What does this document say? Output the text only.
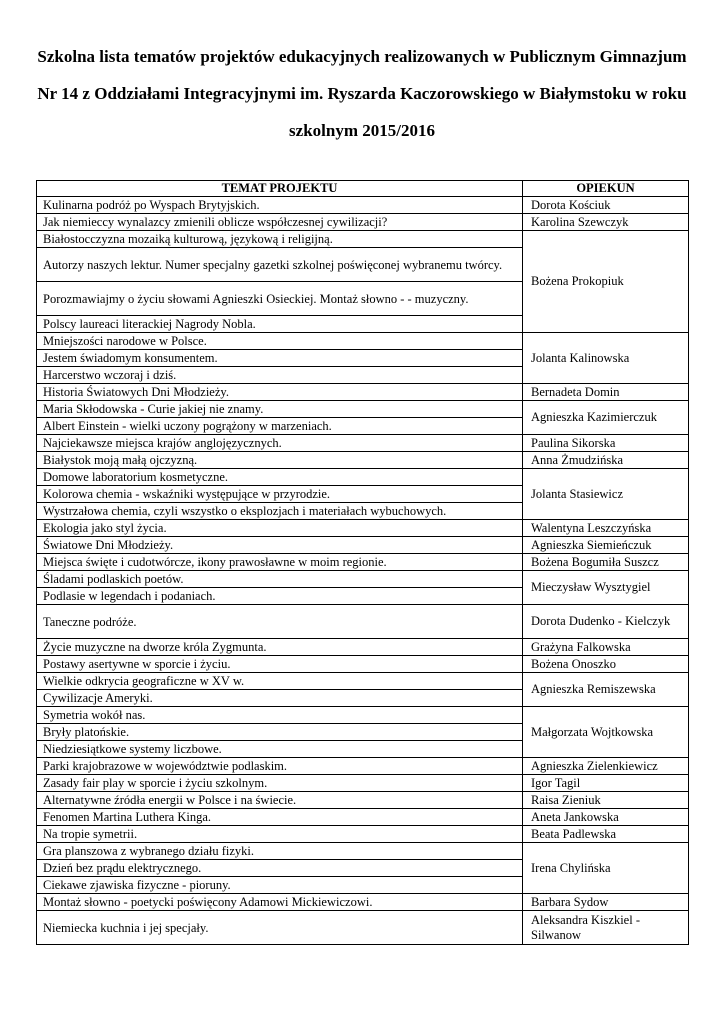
Szkolna lista tematów projektów edukacyjnych realizowanych w Publicznym Gimnazjum Nr 14 z Oddziałami Integracyjnymi im. Ryszarda Kaczorowskiego w Białymstoku w roku szkolnym 2015/2016
TEMAT PROJEKTU	OPIEKUN
Kulinarna podróż po Wyspach Brytyjskich.	Dorota Kościuk
Jak niemieccy wynalazcy zmienili oblicze współczesnej cywilizacji?	Karolina Szewczyk
Białostocczyzna mozaiką kulturową, językową i religijną.	Bożena Prokopiuk
Autorzy naszych lektur. Numer specjalny gazetki szkolnej poświęconej wybranemu twórcy.	
Porozmawiajmy o życiu słowami Agnieszki Osieckiej. Montaż słowno - - muzyczny.	
Polscy laureaci literackiej Nagrody Nobla.	
Mniejszości narodowe w Polsce.	Jolanta Kalinowska
Jestem świadomym konsumentem.	
Harcerstwo wczoraj i dziś.	
Historia Światowych Dni Młodzieży.	Bernadeta Domin
Maria Skłodowska - Curie jakiej nie znamy.	Agnieszka Kazimierczuk
Albert Einstein - wielki uczony pogrążony w marzeniach.	
Najciekawsze miejsca krajów anglojęzycznych.	Paulina Sikorska
Białystok moją małą ojczyzną.	Anna Żmudzińska
Domowe laboratorium kosmetyczne.	Jolanta Stasiewicz
Kolorowa chemia - wskaźniki występujące w przyrodzie.	
Wystrzałowa chemia, czyli wszystko o eksplozjach i materiałach wybuchowych.	
Ekologia jako styl życia.	Walentyna Leszczyńska
Światowe Dni Młodzieży.	Agnieszka Siemieńczuk
Miejsca święte i cudotwórcze, ikony prawosławne w moim regionie.	Bożena Bogumiła Suszcz
Śladami podlaskich poetów.	Mieczysław Wysztygiel
Podlasie w legendach i podaniach.	
Taneczne podróże.	Dorota Dudenko - Kielczyk
Życie muzyczne na dworze króla Zygmunta.	Grażyna Falkowska
Postawy asertywne w sporcie i życiu.	Bożena Onoszko
Wielkie odkrycia geograficzne w XV w.	Agnieszka Remiszewska
Cywilizacje Ameryki.	
Symetria wokół nas.	Małgorzata Wojtkowska
Bryły platońskie.	
Niedziesiątkowe systemy liczbowe.	
Parki krajobrazowe w województwie podlaskim.	Agnieszka Zielenkiewicz
Zasady fair play w sporcie i życiu szkolnym.	Igor Tagil
Alternatywne źródła energii w Polsce i na świecie.	Raisa Zieniuk
Fenomen Martina Luthera Kinga.	Aneta Jankowska
Na tropie symetrii.	Beata Padlewska
Gra planszowa z wybranego działu fizyki.	Irena Chylińska
Dzień bez prądu elektrycznego.	
Ciekawe zjawiska fizyczne - pioruny.	
Montaż słowno - poetycki poświęcony Adamowi Mickiewiczowi.	Barbara Sydow
Niemiecka kuchnia i jej specjały.	Aleksandra Kiszkiel - Silwanow
